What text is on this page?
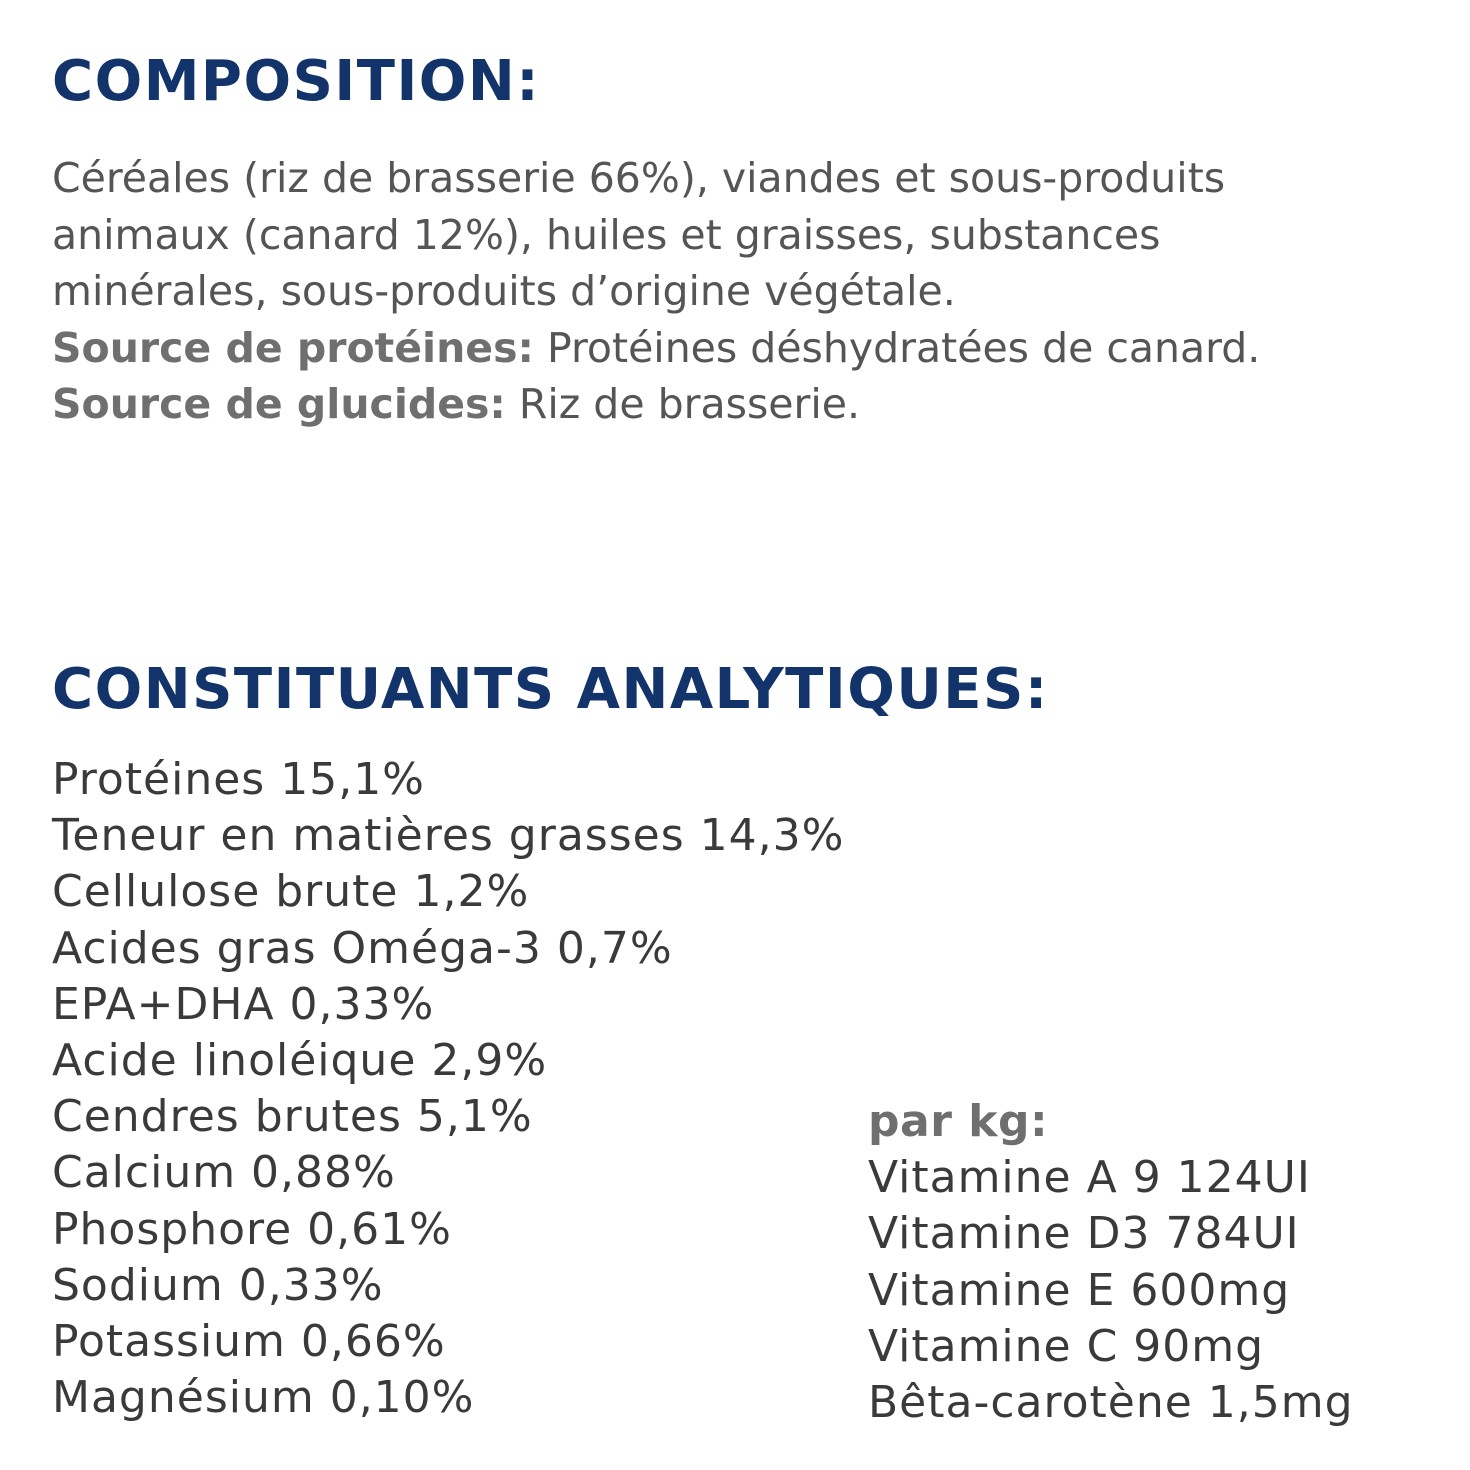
COMPOSITION:
Céréales (riz de brasserie 66%), viandes et sous-produits
animaux (canard 12%), huiles et graisses, substances
minérales, sous-produits d’origine végétale.
Source de protéines: Protéines déshydratées de canard.
Source de glucides: Riz de brasserie.
CONSTITUANTS ANALYTIQUES:
Protéines 15,1%
Teneur en matières grasses 14,3%
Cellulose brute 1,2%
Acides gras Oméga-3 0,7%
EPA+DHA 0,33%
Acide linoléique 2,9%
Cendres brutes 5,1%
Calcium 0,88%
Phosphore 0,61%
Sodium 0,33%
Potassium 0,66%
Magnésium 0,10%
par kg:
Vitamine A 9 124UI
Vitamine D3 784UI
Vitamine E 600mg
Vitamine C 90mg
Bêta-carotène 1,5mg
